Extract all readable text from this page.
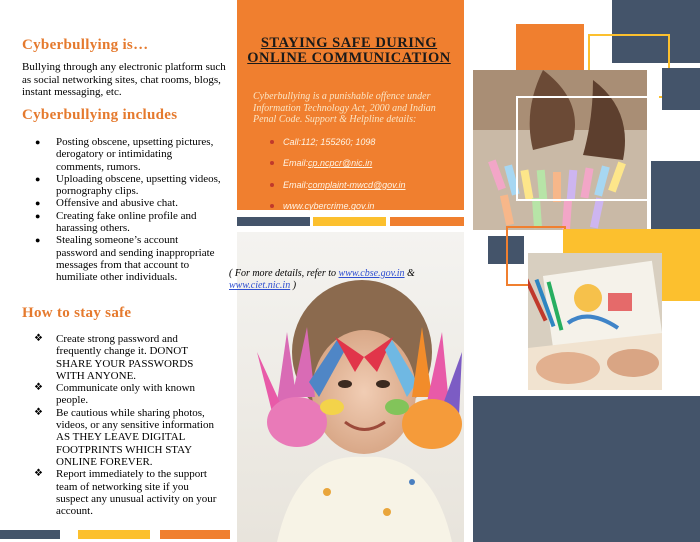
Cyberbullying is…

Bullying through any electronic platform such as social networking sites, chat rooms, blogs, instant messaging, etc.

Cyberbullying includes
● Posting obscene, upsetting pictures, derogatory or intimidating comments, rumors.
● Uploading obscene, upsetting videos, pornography clips.
● Offensive and abusive chat.
● Creating fake online profile and harassing others.
● Stealing someone’s account password and sending inappropriate messages from that account to humiliate other individuals.
How to stay safe
❖ Create strong password and frequently change it. DONOT SHARE YOUR PASSWORDS WITH ANYONE.
❖ Communicate only with known people.
❖ Be cautious while sharing photos, videos, or any sensitive information AS THEY LEAVE DIGITAL FOOTPRINTS WHICH STAY ONLINE FOREVER.
❖ Report immediately to the support team of networking site if you suspect any unusual activity on your account.
STAYING SAFE DURING ONLINE COMMUNICATION
Cyberbullying is a punishable offence under Information Technology Act, 2000 and Indian Penal Code. Support & Helpline details:
Call: 112; 155260; 1098
Email: cp.ncpcr@nic.in
Email: complaint-mwcd@gov.in
www.cybercrime.gov.in
( For more details, refer to www.cbse.gov.in &
www.ciet.nic.in )
